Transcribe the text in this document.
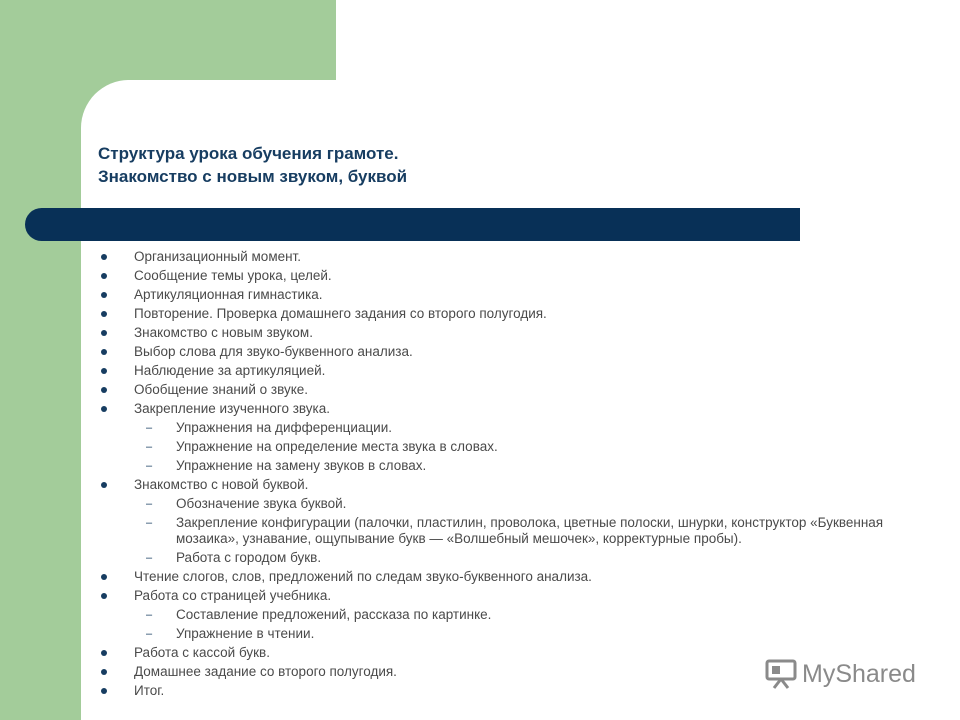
Структура урока обучения грамоте.
Знакомство с новым звуком, буквой
Организационный момент.
Сообщение темы урока, целей.
Артикуляционная гимнастика.
Повторение. Проверка домашнего задания со второго полугодия.
Знакомство с новым звуком.
Выбор слова для звуко-буквенного анализа.
Наблюдение за артикуляцией.
Обобщение знаний о звуке.
Закрепление изученного звука.
– Упражнения на дифференциации.
– Упражнение на определение места звука в словах.
– Упражнение на замену звуков в словах.
Знакомство с новой буквой.
– Обозначение звука буквой.
– Закрепление конфигурации (палочки, пластилин, проволока, цветные полоски, шнурки, конструктор «Буквенная мозаика», узнавание, ощупывание букв — «Волшебный мешочек», корректурные пробы).
– Работа с городом букв.
Чтение слогов, слов, предложений по следам звуко-буквенного анализа.
Работа со страницей учебника.
– Составление предложений, рассказа по картинке.
– Упражнение в чтении.
Работа с кассой букв.
Домашнее задание со второго полугодия.
Итог.
MyShared
